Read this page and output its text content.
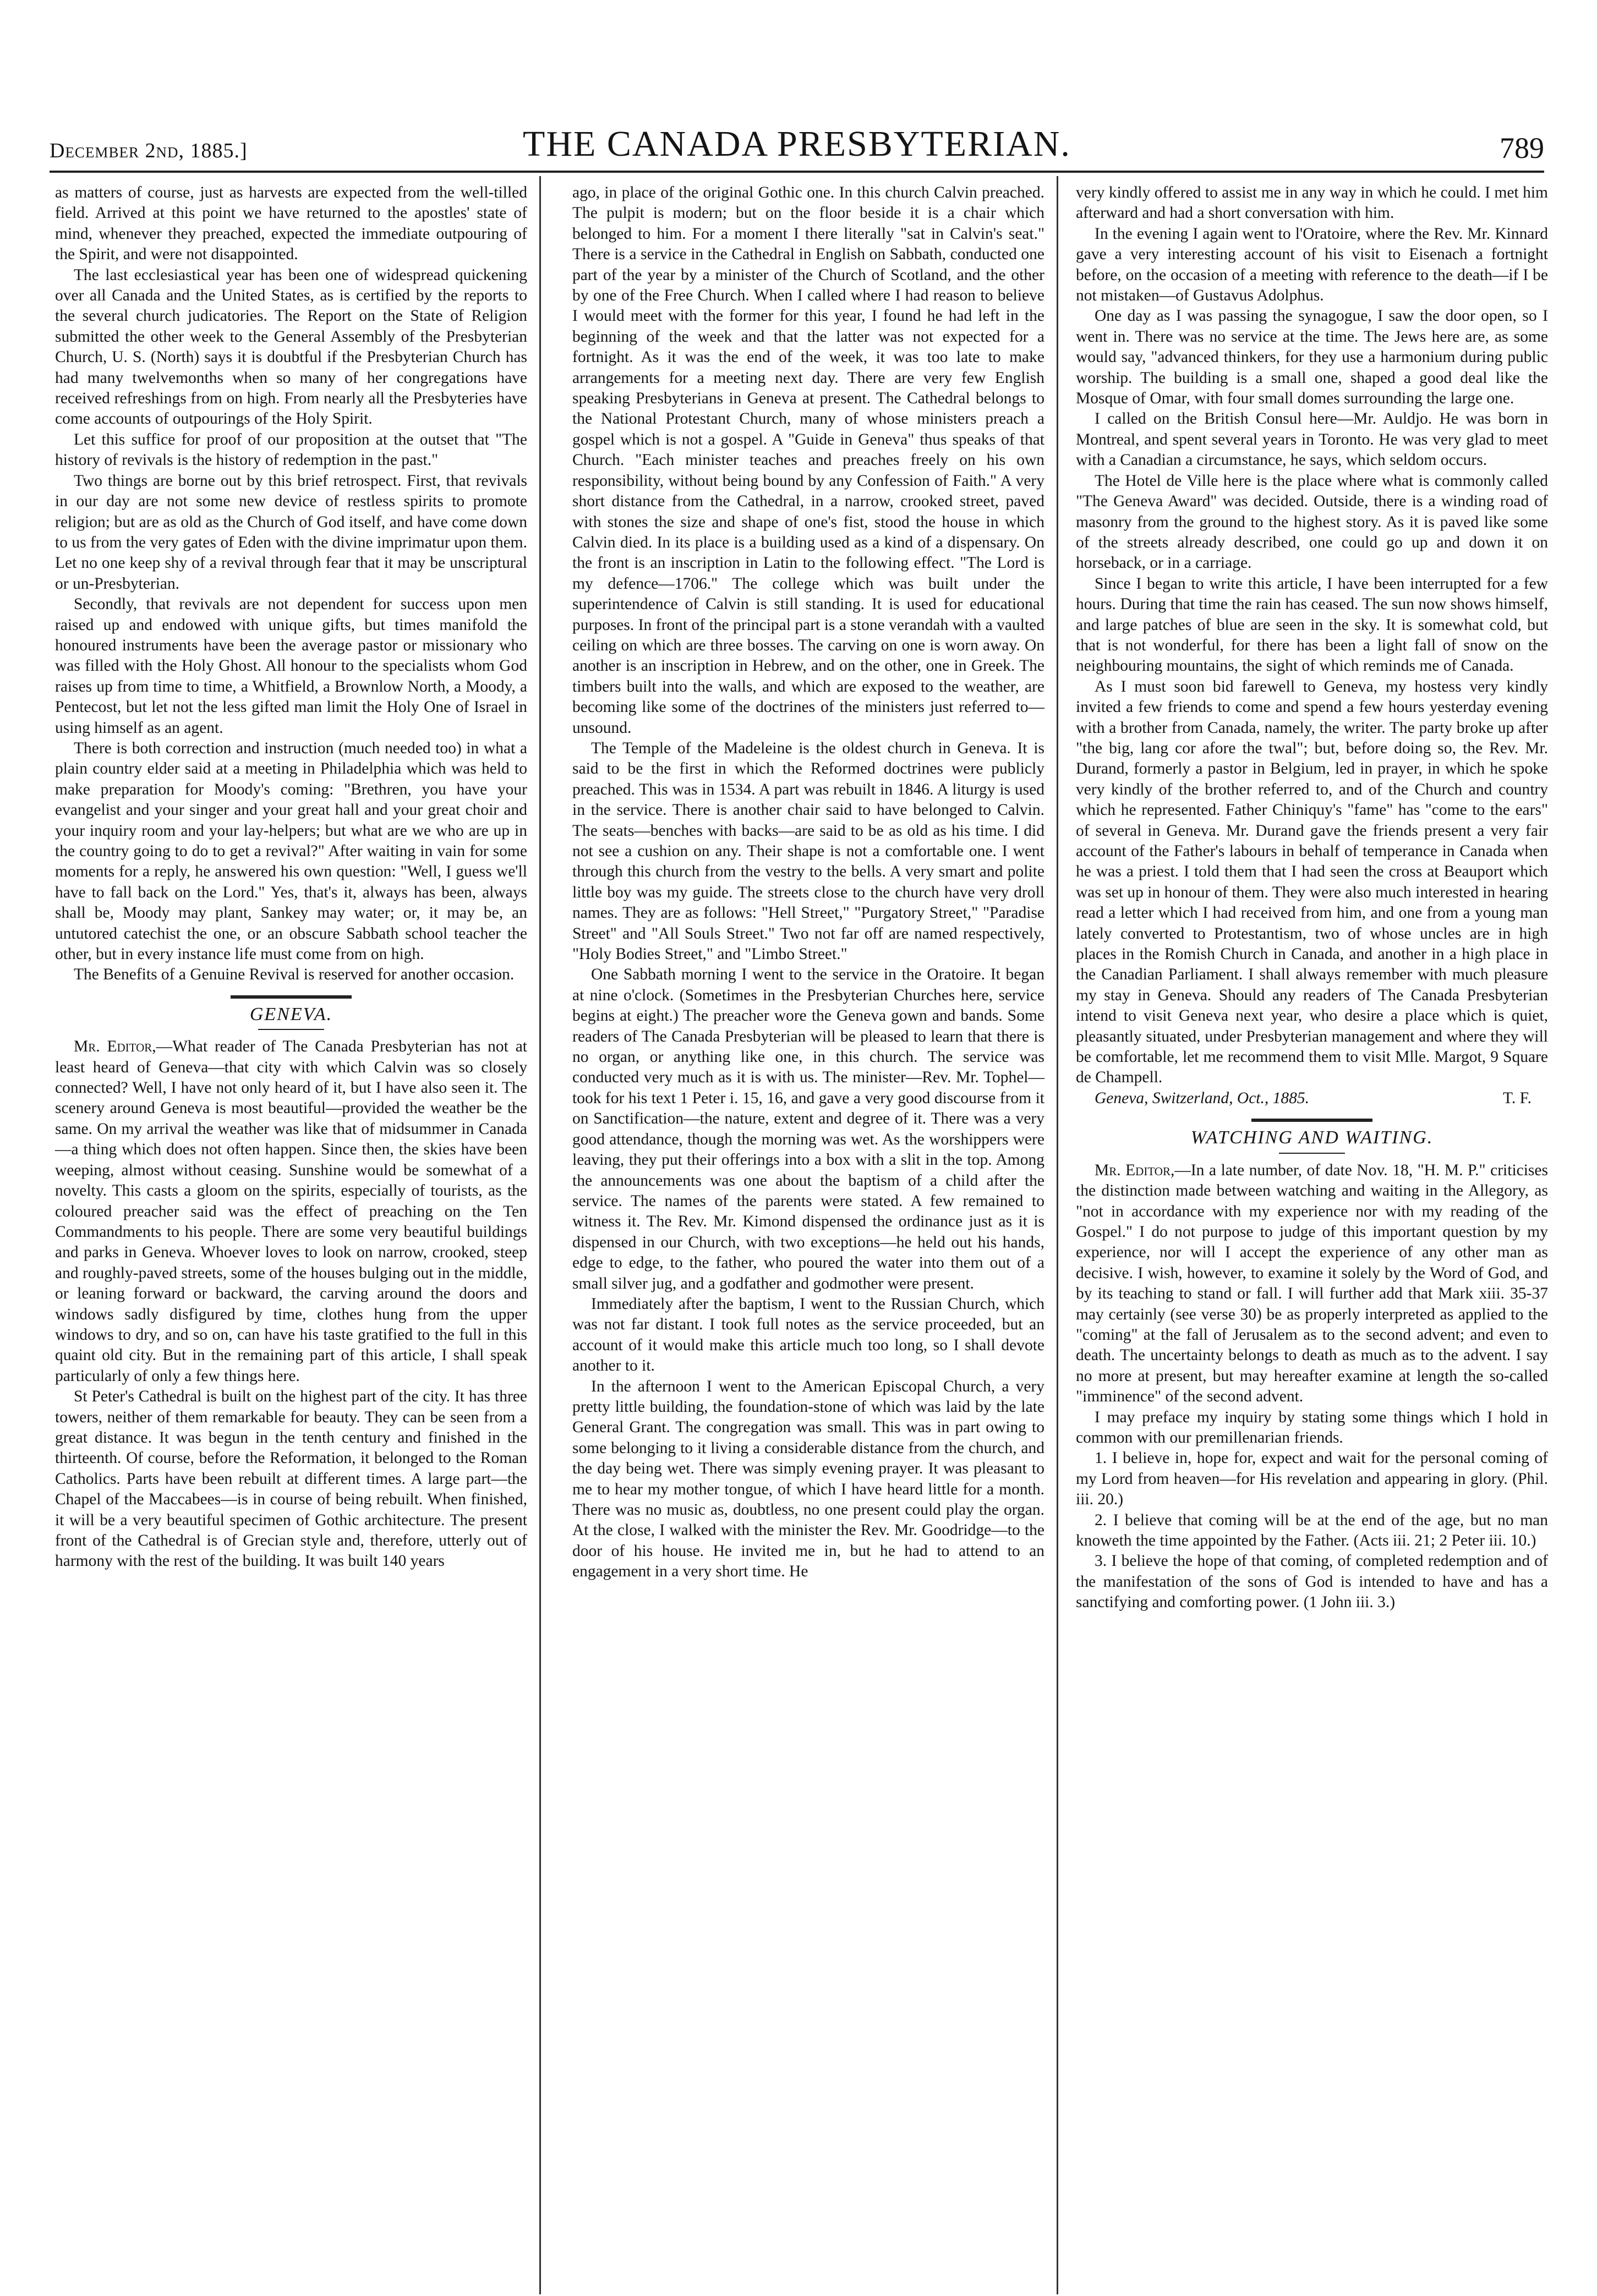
December 2nd, 1885.]	THE CANADA PRESBYTERIAN.	789

as matters of course, just as harvests are expected from the well-tilled field. Arrived at this point we have returned to the apostles' state of mind, whenever they preached, expected the immediate outpouring of the Spirit, and were not disappointed.

The last ecclesiastical year has been one of widespread quickening over all Canada and the United States, as is certified by the reports to the several church judicatories. The Report on the State of Religion submitted the other week to the General Assembly of the Presbyterian Church, U. S. (North) says it is doubtful if the Presbyterian Church has had many twelvemonths when so many of her congregations have received refreshings from on high. From nearly all the Presbyteries have come accounts of outpourings of the Holy Spirit.

Let this suffice for proof of our proposition at the outset that "The history of revivals is the history of redemption in the past."

Two things are borne out by this brief retrospect. First, that revivals in our day are not some new device of restless spirits to promote religion; but are as old as the Church of God itself, and have come down to us from the very gates of Eden with the divine imprimatur upon them. Let no one keep shy of a revival through fear that it may be unscriptural or un-Presbyterian.

Secondly, that revivals are not dependent for success upon men raised up and endowed with unique gifts, but times manifold the honoured instruments have been the average pastor or missionary who was filled with the Holy Ghost. All honour to the specialists whom God raises up from time to time, a Whitfield, a Brownlow North, a Moody, a Pentecost, but let not the less gifted man limit the Holy One of Israel in using himself as an agent.

There is both correction and instruction (much needed too) in what a plain country elder said at a meeting in Philadelphia which was held to make preparation for Moody's coming: "Brethren, you have your evangelist and your singer and your great hall and your great choir and your inquiry room and your lay-helpers; but what are we who are up in the country going to do to get a revival?" After waiting in vain for some moments for a reply, he answered his own question: "Well, I guess we'll have to fall back on the Lord." Yes, that's it, always has been, always shall be, Moody may plant, Sankey may water; or, it may be, an untutored catechist the one, or an obscure Sabbath school teacher the other, but in every instance life must come from on high.

The Benefits of a Genuine Revival is reserved for another occasion.

GENEVA.

Mr. Editor,—What reader of The Canada Presbyterian has not at least heard of Geneva—that city with which Calvin was so closely connected? Well, I have not only heard of it, but I have also seen it. The scenery around Geneva is most beautiful—provided the weather be the same. On my arrival the weather was like that of midsummer in Canada—a thing which does not often happen. Since then, the skies have been weeping, almost without ceasing. Sunshine would be somewhat of a novelty. This casts a gloom on the spirits, especially of tourists, as the coloured preacher said was the effect of preaching on the Ten Commandments to his people. There are some very beautiful buildings and parks in Geneva. Whoever loves to look on narrow, crooked, steep and roughly-paved streets, some of the houses bulging out in the middle, or leaning forward or backward, the carving around the doors and windows sadly disfigured by time, clothes hung from the upper windows to dry, and so on, can have his taste gratified to the full in this quaint old city. But in the remaining part of this article, I shall speak particularly of only a few things here.

St Peter's Cathedral is built on the highest part of the city. It has three towers, neither of them remarkable for beauty. They can be seen from a great distance. It was begun in the tenth century and finished in the thirteenth. Of course, before the Reformation, it belonged to the Roman Catholics. Parts have been rebuilt at different times. A large part—the Chapel of the Maccabees—is in course of being rebuilt. When finished, it will be a very beautiful specimen of Gothic architecture. The present front of the Cathedral is of Grecian style and, therefore, utterly out of harmony with the rest of the building. It was built 140 years

ago, in place of the original Gothic one. In this church Calvin preached. The pulpit is modern; but on the floor beside it is a chair which belonged to him. For a moment I there literally "sat in Calvin's seat." There is a service in the Cathedral in English on Sabbath, conducted one part of the year by a minister of the Church of Scotland, and the other by one of the Free Church. When I called where I had reason to believe I would meet with the former for this year, I found he had left in the beginning of the week and that the latter was not expected for a fortnight. As it was the end of the week, it was too late to make arrangements for a meeting next day. There are very few English speaking Presbyterians in Geneva at present. The Cathedral belongs to the National Protestant Church, many of whose ministers preach a gospel which is not a gospel. A "Guide in Geneva" thus speaks of that Church. "Each minister teaches and preaches freely on his own responsibility, without being bound by any Confession of Faith." A very short distance from the Cathedral, in a narrow, crooked street, paved with stones the size and shape of one's fist, stood the house in which Calvin died. In its place is a building used as a kind of a dispensary. On the front is an inscription in Latin to the following effect. "The Lord is my defence—1706." The college which was built under the superintendence of Calvin is still standing. It is used for educational purposes. In front of the principal part is a stone verandah with a vaulted ceiling on which are three bosses. The carving on one is worn away. On another is an inscription in Hebrew, and on the other, one in Greek. The timbers built into the walls, and which are exposed to the weather, are becoming like some of the doctrines of the ministers just referred to—unsound.

The Temple of the Madeleine is the oldest church in Geneva. It is said to be the first in which the Reformed doctrines were publicly preached. This was in 1534. A part was rebuilt in 1846. A liturgy is used in the service. There is another chair said to have belonged to Calvin. The seats—benches with backs—are said to be as old as his time. I did not see a cushion on any. Their shape is not a comfortable one. I went through this church from the vestry to the bells. A very smart and polite little boy was my guide. The streets close to the church have very droll names. They are as follows: "Hell Street," "Purgatory Street," "Paradise Street" and "All Souls Street." Two not far off are named respectively, "Holy Bodies Street," and "Limbo Street."

One Sabbath morning I went to the service in the Oratoire. It began at nine o'clock. (Sometimes in the Presbyterian Churches here, service begins at eight.) The preacher wore the Geneva gown and bands. Some readers of The Canada Presbyterian will be pleased to learn that there is no organ, or anything like one, in this church. The service was conducted very much as it is with us. The minister—Rev. Mr. Tophel—took for his text 1 Peter i. 15, 16, and gave a very good discourse from it on Sanctification—the nature, extent and degree of it. There was a very good attendance, though the morning was wet. As the worshippers were leaving, they put their offerings into a box with a slit in the top. Among the announcements was one about the baptism of a child after the service. The names of the parents were stated. A few remained to witness it. The Rev. Mr. Kimond dispensed the ordinance just as it is dispensed in our Church, with two exceptions—he held out his hands, edge to edge, to the father, who poured the water into them out of a small silver jug, and a godfather and godmother were present.

Immediately after the baptism, I went to the Russian Church, which was not far distant. I took full notes as the service proceeded, but an account of it would make this article much too long, so I shall devote another to it.

In the afternoon I went to the American Episcopal Church, a very pretty little building, the foundation-stone of which was laid by the late General Grant. The congregation was small. This was in part owing to some belonging to it living a considerable distance from the church, and the day being wet. There was simply evening prayer. It was pleasant to me to hear my mother tongue, of which I have heard little for a month. There was no music as, doubtless, no one present could play the organ. At the close, I walked with the minister the Rev. Mr. Goodridge—to the door of his house. He invited me in, but he had to attend to an engagement in a very short time. He

very kindly offered to assist me in any way in which he could. I met him afterward and had a short conversation with him.

In the evening I again went to l'Oratoire, where the Rev. Mr. Kinnard gave a very interesting account of his visit to Eisenach a fortnight before, on the occasion of a meeting with reference to the death—if I be not mistaken—of Gustavus Adolphus.

One day as I was passing the synagogue, I saw the door open, so I went in. There was no service at the time. The Jews here are, as some would say, "advanced thinkers, for they use a harmonium during public worship. The building is a small one, shaped a good deal like the Mosque of Omar, with four small domes surrounding the large one.

I called on the British Consul here—Mr. Auldjo. He was born in Montreal, and spent several years in Toronto. He was very glad to meet with a Canadian a circumstance, he says, which seldom occurs.

The Hotel de Ville here is the place where what is commonly called "The Geneva Award" was decided. Outside, there is a winding road of masonry from the ground to the highest story. As it is paved like some of the streets already described, one could go up and down it on horseback, or in a carriage.

Since I began to write this article, I have been interrupted for a few hours. During that time the rain has ceased. The sun now shows himself, and large patches of blue are seen in the sky. It is somewhat cold, but that is not wonderful, for there has been a light fall of snow on the neighbouring mountains, the sight of which reminds me of Canada.

As I must soon bid farewell to Geneva, my hostess very kindly invited a few friends to come and spend a few hours yesterday evening with a brother from Canada, namely, the writer. The party broke up after "the big, lang cor afore the twal"; but, before doing so, the Rev. Mr. Durand, formerly a pastor in Belgium, led in prayer, in which he spoke very kindly of the brother referred to, and of the Church and country which he represented. Father Chiniquy's "fame" has "come to the ears" of several in Geneva. Mr. Durand gave the friends present a very fair account of the Father's labours in behalf of temperance in Canada when he was a priest. I told them that I had seen the cross at Beauport which was set up in honour of them. They were also much interested in hearing read a letter which I had received from him, and one from a young man lately converted to Protestantism, two of whose uncles are in high places in the Romish Church in Canada, and another in a high place in the Canadian Parliament. I shall always remember with much pleasure my stay in Geneva. Should any readers of The Canada Presbyterian intend to visit Geneva next year, who desire a place which is quiet, pleasantly situated, under Presbyterian management and where they will be comfortable, let me recommend them to visit Mlle. Margot, 9 Square de Champell.

Geneva, Switzerland, Oct., 1885.	T. F.

WATCHING AND WAITING.

Mr. Editor,—In a late number, of date Nov. 18, "H. M. P." criticises the distinction made between watching and waiting in the Allegory, as "not in accordance with my experience nor with my reading of the Gospel." I do not purpose to judge of this important question by my experience, nor will I accept the experience of any other man as decisive. I wish, however, to examine it solely by the Word of God, and by its teaching to stand or fall. I will further add that Mark xiii. 35-37 may certainly (see verse 30) be as properly interpreted as applied to the "coming" at the fall of Jerusalem as to the second advent; and even to death. The uncertainty belongs to death as much as to the advent. I say no more at present, but may hereafter examine at length the so-called "imminence" of the second advent.

I may preface my inquiry by stating some things which I hold in common with our premillenarian friends.

1. I believe in, hope for, expect and wait for the personal coming of my Lord from heaven—for His revelation and appearing in glory. (Phil. iii. 20.)

2. I believe that coming will be at the end of the age, but no man knoweth the time appointed by the Father. (Acts iii. 21; 2 Peter iii. 10.)

3. I believe the hope of that coming, of completed redemption and of the manifestation of the sons of God is intended to have and has a sanctifying and comforting power. (1 John iii. 3.)
